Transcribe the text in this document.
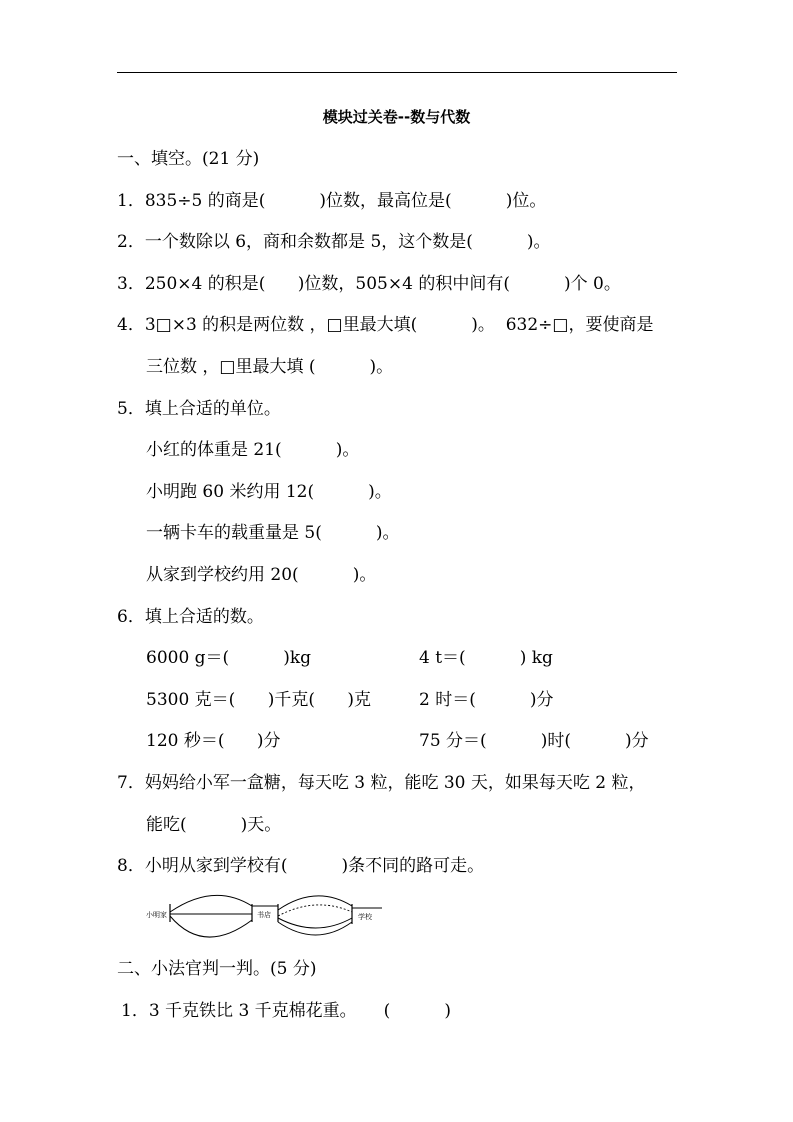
模块过关卷--数与代数
一、填空。(21 分)
1．835÷5 的商是(          )位数，最高位是(          )位。
2．一个数除以 6，商和余数都是 5，这个数是(          )。
3．250×4 的积是(      )位数，505×4 的积中间有(          )个 0。
4．3□×3 的积是两位数 ，□里最大填(          )。  632÷□，要使商是
三位数 ，□里最大填 (          )。
5．填上合适的单位。
小红的体重是 21(          )。
小明跑 60 米约用 12(          )。
一辆卡车的载重量是 5(          )。
从家到学校约用 20(          )。
6．填上合适的数。
6000 g＝(          )kg	4 t＝(          ) kg
5300 克＝(      )千克(      )克	2 时＝(          )分
120 秒＝(      )分	75 分＝(          )时(          )分
7．妈妈给小军一盒糖，每天吃 3 粒，能吃 30 天，如果每天吃 2 粒，
能吃(          )天。
8．小明从家到学校有(          )条不同的路可走。
小明家	书店	学校
二、小法官判一判。(5 分)
1．3 千克铁比 3 千克棉花重。     (          )
